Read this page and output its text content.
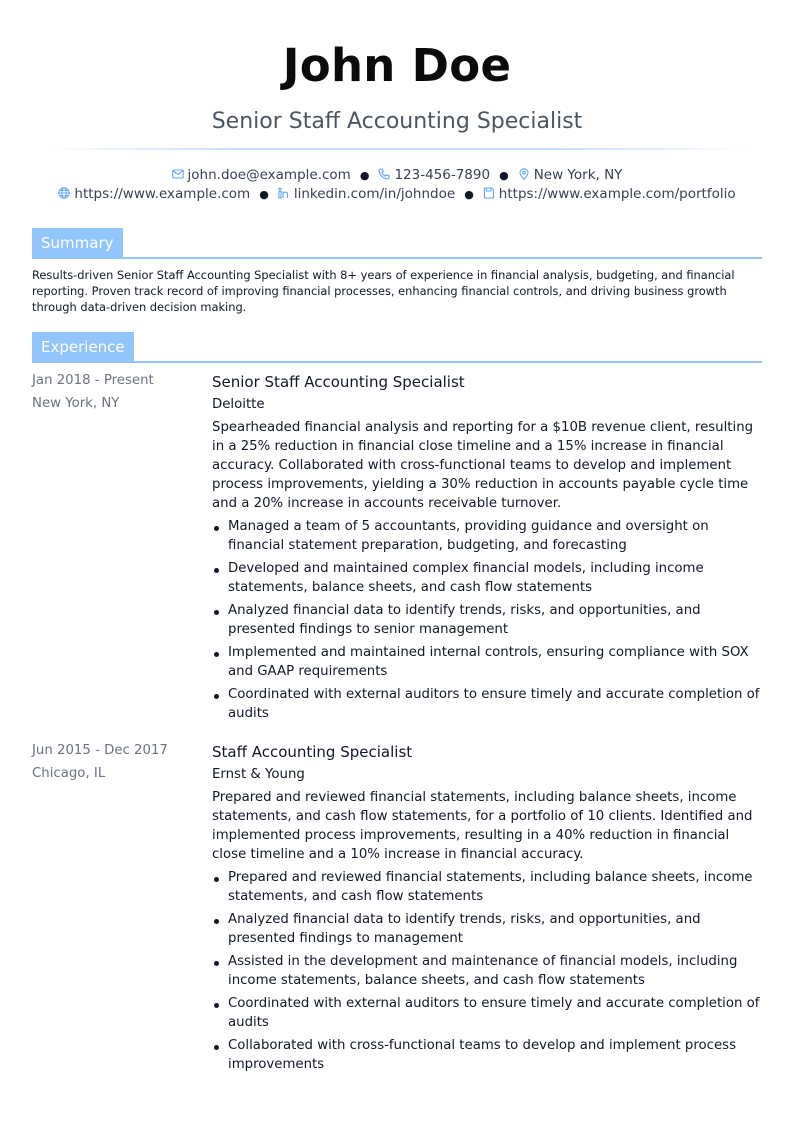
John Doe
Senior Staff Accounting Specialist
john.doe@example.com ● 123-456-7890 ● New York, NY
https://www.example.com ● linkedin.com/in/johndoe ● https://www.example.com/portfolio
Summary
Results-driven Senior Staff Accounting Specialist with 8+ years of experience in financial analysis, budgeting, and financial reporting. Proven track record of improving financial processes, enhancing financial controls, and driving business growth through data-driven decision making.
Experience
Jan 2018 - Present
New York, NY
Senior Staff Accounting Specialist
Deloitte
Spearheaded financial analysis and reporting for a $10B revenue client, resulting in a 25% reduction in financial close timeline and a 15% increase in financial accuracy. Collaborated with cross-functional teams to develop and implement process improvements, yielding a 30% reduction in accounts payable cycle time and a 20% increase in accounts receivable turnover.
Managed a team of 5 accountants, providing guidance and oversight on financial statement preparation, budgeting, and forecasting
Developed and maintained complex financial models, including income statements, balance sheets, and cash flow statements
Analyzed financial data to identify trends, risks, and opportunities, and presented findings to senior management
Implemented and maintained internal controls, ensuring compliance with SOX and GAAP requirements
Coordinated with external auditors to ensure timely and accurate completion of audits
Jun 2015 - Dec 2017
Chicago, IL
Staff Accounting Specialist
Ernst & Young
Prepared and reviewed financial statements, including balance sheets, income statements, and cash flow statements, for a portfolio of 10 clients. Identified and implemented process improvements, resulting in a 40% reduction in financial close timeline and a 10% increase in financial accuracy.
Prepared and reviewed financial statements, including balance sheets, income statements, and cash flow statements
Analyzed financial data to identify trends, risks, and opportunities, and presented findings to management
Assisted in the development and maintenance of financial models, including income statements, balance sheets, and cash flow statements
Coordinated with external auditors to ensure timely and accurate completion of audits
Collaborated with cross-functional teams to develop and implement process improvements
